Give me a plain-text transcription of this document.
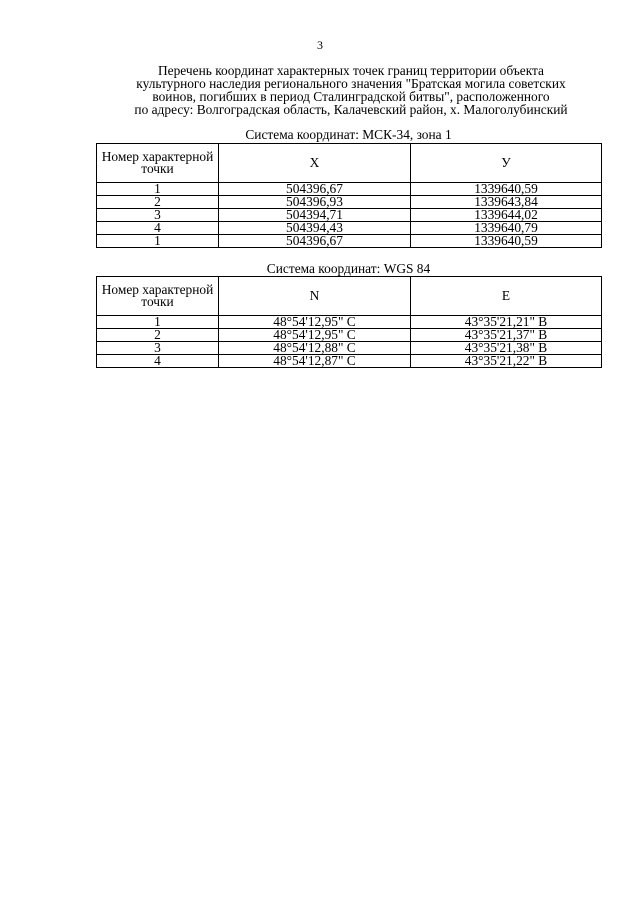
3
Перечень координат характерных точек границ территории объекта
культурного наследия регионального значения "Братская могила советских
воинов, погибших в период Сталинградской битвы", расположенного
по адресу: Волгоградская область, Калачевский район, х. Малоголубинский
Система координат: МСК-34, зона 1
Номер характерной точки	X	У
1	504396,67	1339640,59
2	504396,93	1339643,84
3	504394,71	1339644,02
4	504394,43	1339640,79
1	504396,67	1339640,59
Система координат: WGS 84
Номер характерной точки	N	E
1	48°54'12,95" С	43°35'21,21" В
2	48°54'12,95" С	43°35'21,37" В
3	48°54'12,88" С	43°35'21,38" В
4	48°54'12,87" С	43°35'21,22" В
